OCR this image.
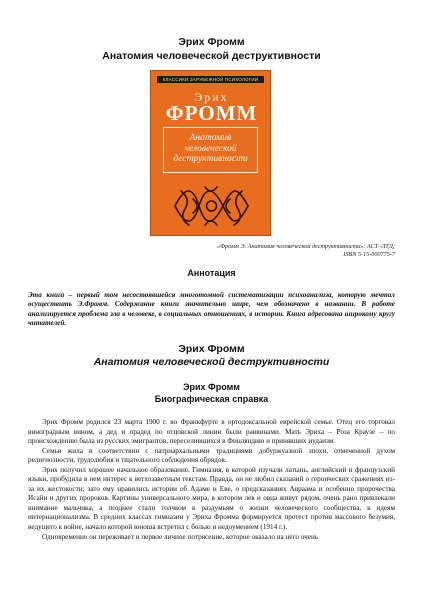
Эрих Фромм
Анатомия человеческой деструктивности
КЛАССИКИ ЗАРУБЕЖНОЙ ПСИХОЛОГИИ
Эрих
ФРОММ
Анатомия
человеческой
деструктивности
«Фромм Э. Анатомия человеческой деструктивности»: АСТ–ЛТД;
ISBN 5-15-000775-7
Аннотация
Эта книга – первый том несостоявшейся многотомной систематизации психоанализа, которую мечтал осуществить Э.Фромм. Содержание книги значительно шире, чем обозначено в названии. В работе анализируется проблема зла в человеке, в социальных отношениях, в истории. Книга адресована широкому кругу читателей.
Эрих Фромм
Анатомия человеческой деструктивности
Эрих Фромм
Биографическая справка

Эрих Фромм родился 23 марта 1900 г. во Франкфурте в ортодоксальной еврейской семье. Отец его торговал виноградным вином, а дед и прадед по отцовской линии были раввинами. Мать Эриха – Роза Краузе – по происхождению была из русских эмигрантов, переселившихся в Финляндию и принявших иудаизм.

Семья жила в соответствии с патриархальными традициями добуржуазной эпохи, отмеченной духом религиозности, трудолюбия и тщательного соблюдения обрядов.

Эрих получил хорошее начальное образование. Гимназия, в которой изучали латынь, английский и французский языки, пробудила в нем интерес к ветхозаветным текстам. Правда, он не любил сказаний о героических сражениях из-за их жестокости; зато ему нравились истории об Адаме и Еве, о предсказаниях Авраама и особенно пророчества Исайи и других пророков. Картины универсального мира, в котором лев и овца живут рядом, очень рано привлекали внимание мальчика, а позднее стали толчком к раздумьям о жизни человеческого сообщества, к идеям интернационализма. В средних классах гимназии у Эриха Фромма формируется протест против массового безумия, ведущего к войне, начало которой юноша встретил с болью и недоумением (1914 г.).

Одновременно он переживает и первое личное потрясение, которое оказало на него очень
